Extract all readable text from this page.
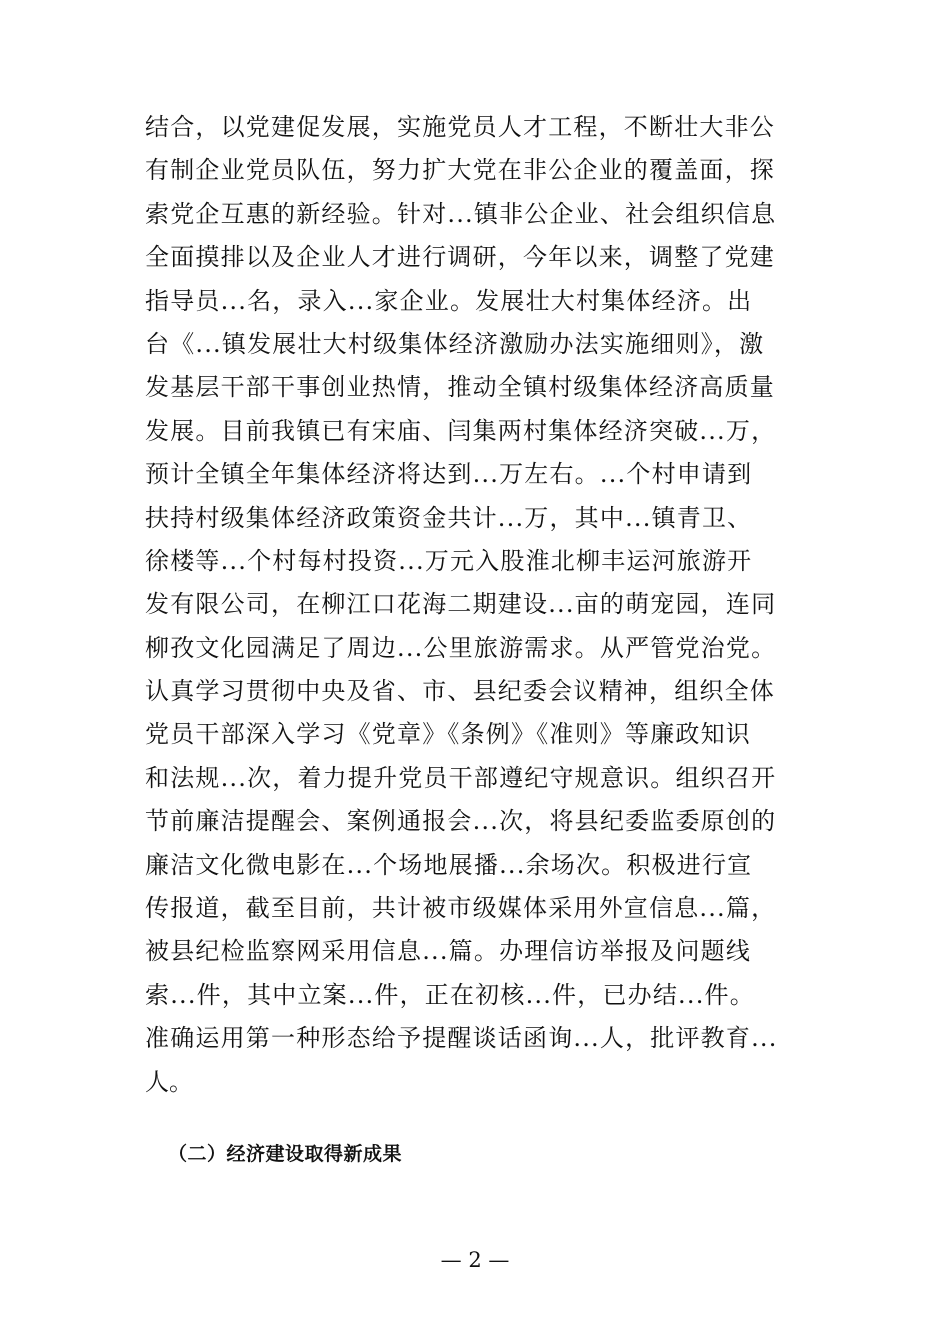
结合，以党建促发展，实施党员人才工程，不断壮大非公
有制企业党员队伍，努力扩大党在非公企业的覆盖面，探
索党企互惠的新经验。针对...镇非公企业、社会组织信息
全面摸排以及企业人才进行调研，今年以来，调整了党建
指导员...名，录入...家企业。发展壮大村集体经济。出
台《...镇发展壮大村级集体经济激励办法实施细则》，激
发基层干部干事创业热情，推动全镇村级集体经济高质量
发展。目前我镇已有宋庙、闫集两村集体经济突破...万，
预计全镇全年集体经济将达到...万左右。...个村申请到
扶持村级集体经济政策资金共计...万，其中...镇青卫、
徐楼等...个村每村投资...万元入股淮北柳丰运河旅游开
发有限公司，在柳江口花海二期建设...亩的萌宠园，连同
柳孜文化园满足了周边...公里旅游需求。从严管党治党。
认真学习贯彻中央及省、市、县纪委会议精神，组织全体
党员干部深入学习《党章》《条例》《准则》等廉政知识
和法规...次，着力提升党员干部遵纪守规意识。组织召开
节前廉洁提醒会、案例通报会...次，将县纪委监委原创的
廉洁文化微电影在...个场地展播...余场次。积极进行宣
传报道，截至目前，共计被市级媒体采用外宣信息...篇，
被县纪检监察网采用信息...篇。办理信访举报及问题线
索...件，其中立案...件，正在初核...件，已办结...件。
准确运用第一种形态给予提醒谈话函询...人，批评教育...
人。
（二）经济建设取得新成果
— 2 —
